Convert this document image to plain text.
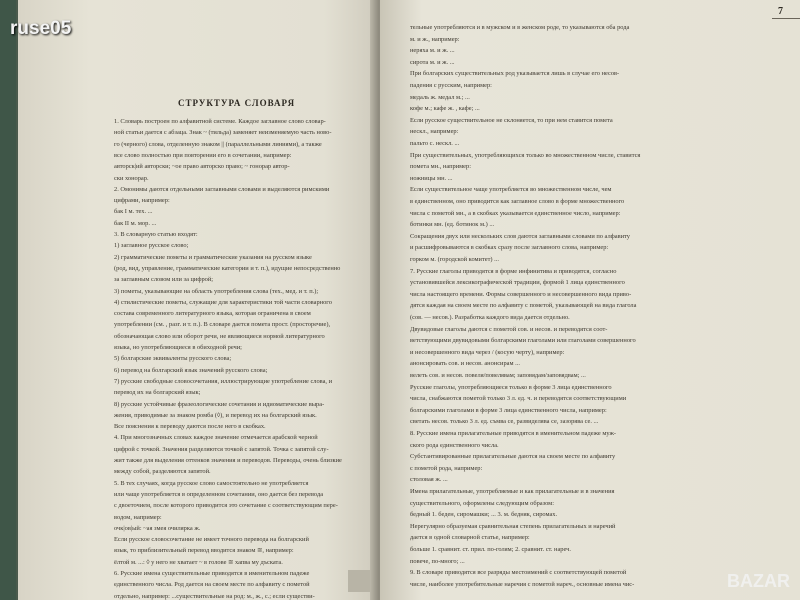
СТРУКТУРА СЛОВАРЯ
1. Словарь построен по алфавитной системе. Каждое заглавное слово словар-
ной статьи дается с абзаца. Знак ~ (тильда) заменяет неизменяемую часть ново-
го (черного) слова, отделенную знаком || (параллельными линиями), а также
все слово полностью при повторении его в сочетании, например:
авторск|ий авторски; ~ое право авторско право; ~ гонорар автор-
ски хонорар.
2. Омонимы даются отдельными заглавными словами и выделяются римскими
цифрами, например:
бак I м. тех. ...
бак II м. мор. ...
3. В словарную статью входят:
1) заглавное русское слово;
2) грамматические пометы и грамматические указания на русском языке
(род, вид, управление, грамматические категории и т. п.), идущие непосредственно
за заглавным словом или за цифрой;
3) пометы, указывающие на область употребления слова (тех., мед. и т. п.);
4) стилистические пометы, служащие для характеристики той части словарного
состава современного литературного языка, которая ограничена в своем
употреблении (см. , разг. и т. п.). В словаре дается помета прост. (просторечие),
обозначающая слово или оборот речи, не являющиеся нормой литературного
языка, но употребляющиеся в обиходной речи;
5) болгарские эквиваленты русского слова;
6) перевод на болгарский язык значений русского слова;
7) русские свободные словосочетания, иллюстрирующие употребление слова, и
перевод их на болгарский язык;
8) русские устойчивые фразеологические сочетания и идиоматические выра-
жения, приводимые за знаком ромба (◊), и перевод их на болгарский язык.
Все пояснения к переводу даются после него в скобках.
4. При многозначных словах каждое значение отмечается арабской черной
цифрой с точкой. Значения разделяются точкой с запятой. Точка с запятой слу-
жит также для выделения оттенков значения и переводов. Переводы, очень близкие
между собой, разделяются запятой.
5. В тех случаях, когда русское слово самостоятельно не употребляется
или чаще употребляется в определенном сочетании, оно дается без перевода
с двоеточием, после которого приводится это сочетание с соответствующим пере-
водом, например:
очк|ов|ый: ~ая змея очилярка ж.
Если русское словосочетание не имеет точного перевода на болгарский
язык, то приблизительный перевод вводится знаком ≅, например:
ёлтой м. ...: ◊ у него не хватает ~ в голове ≅ хапва му дъската.
6. Русские имена существительные приводятся в именительном падеже
единственного числа. Род дается на своем месте по алфавиту с пометой
отдельно, например: ...существительные на род: м., ж., с.; если существи-
7
тельные употребляются и в мужском и в женском роде, то указываются оба рода
м. и ж., например:
неряха м. и ж. ...
сирота м. и ж. ...
При болгарских существительных род указывается лишь в случае его несов-
падения с русским, например:
медаль ж. медал м.; ...
кофе м.; кафе ж. , кафе; ...
Если русское существительное не склоняется, то при нем ставится помета
нескл., например:
пальто с. нескл. ...
При существительных, употребляющихся только во множественном числе, ставится
помета мн., например:
ножницы мн. ...
Если существительное чаще употребляется во множественном числе, чем
в единственном, оно приводится как заглавное слово в форме множественного
числа с пометой мн., а в скобках указывается единственное число, например:
ботинки мн. (ед. ботинок м.) ...
Сокращения двух или нескольких слов даются заглавными словами по алфавиту
и расшифровываются в скобках сразу после заглавного слова, например:
горком м. (городской комитет) ...
7. Русские глаголы приводятся в форме инфинитива и приводятся, согласно
установившейся лексикографической традиции, формой 1 лица единственного
числа настоящего времени. Формы совершенного и несовершенного вида приво-
дятся каждая на своем месте по алфавиту с пометой, указывающей на вида глагола
(сов. — несов.). Разработка каждого вида дается отдельно.
Двувидовые глаголы даются с пометой сов. и несов. и переводятся соот-
ветствующими двувидовыми болгарскими глаголами или глаголами совершенного
и несовершенного вида через / (косую черту), например:
анонсировать сов. и несов. анонсирам ...
велеть сов. и несов. повеля/повелявам; заповядам/заповядвам; ...
Русские глаголы, употребляющиеся только в форме 3 лица единственного
числа, снабжаются пометой только 3 л. ед. ч. и переводятся соответствующими
болгарскими глаголами в форме 3 лица единственного числа, например:
светать несов. только 3 л. ед. съмва се, развиделява се, зазорява се. ...
8. Русские имена прилагательные приводятся в именительном падеже муж-
ского рода единственного числа.
Субстантивированные прилагательные даются на своем месте по алфавиту
с пометой рода, например:
столовая ж. ...
Имена прилагательные, употребляемые и как прилагательные и в значения
существительного, оформлены следующим образом:
бедный 1. беден, сиромашки; ... 3. м. бедняк, сиромах.
Нерегулярно образуемая сравнительная степень прилагательных и наречий
дается в одной словарной статье, например:
больше 1. сравнит. ст. прил. по-голям; 2. сравнит. ст. нареч.
повече, по-много; ...
9. В словаре приводятся все разряды местоимений с соответствующей пометой
числе, наиболее употребительные наречия с пометой нареч., основные имена чис-
ruse05
BAZAR
